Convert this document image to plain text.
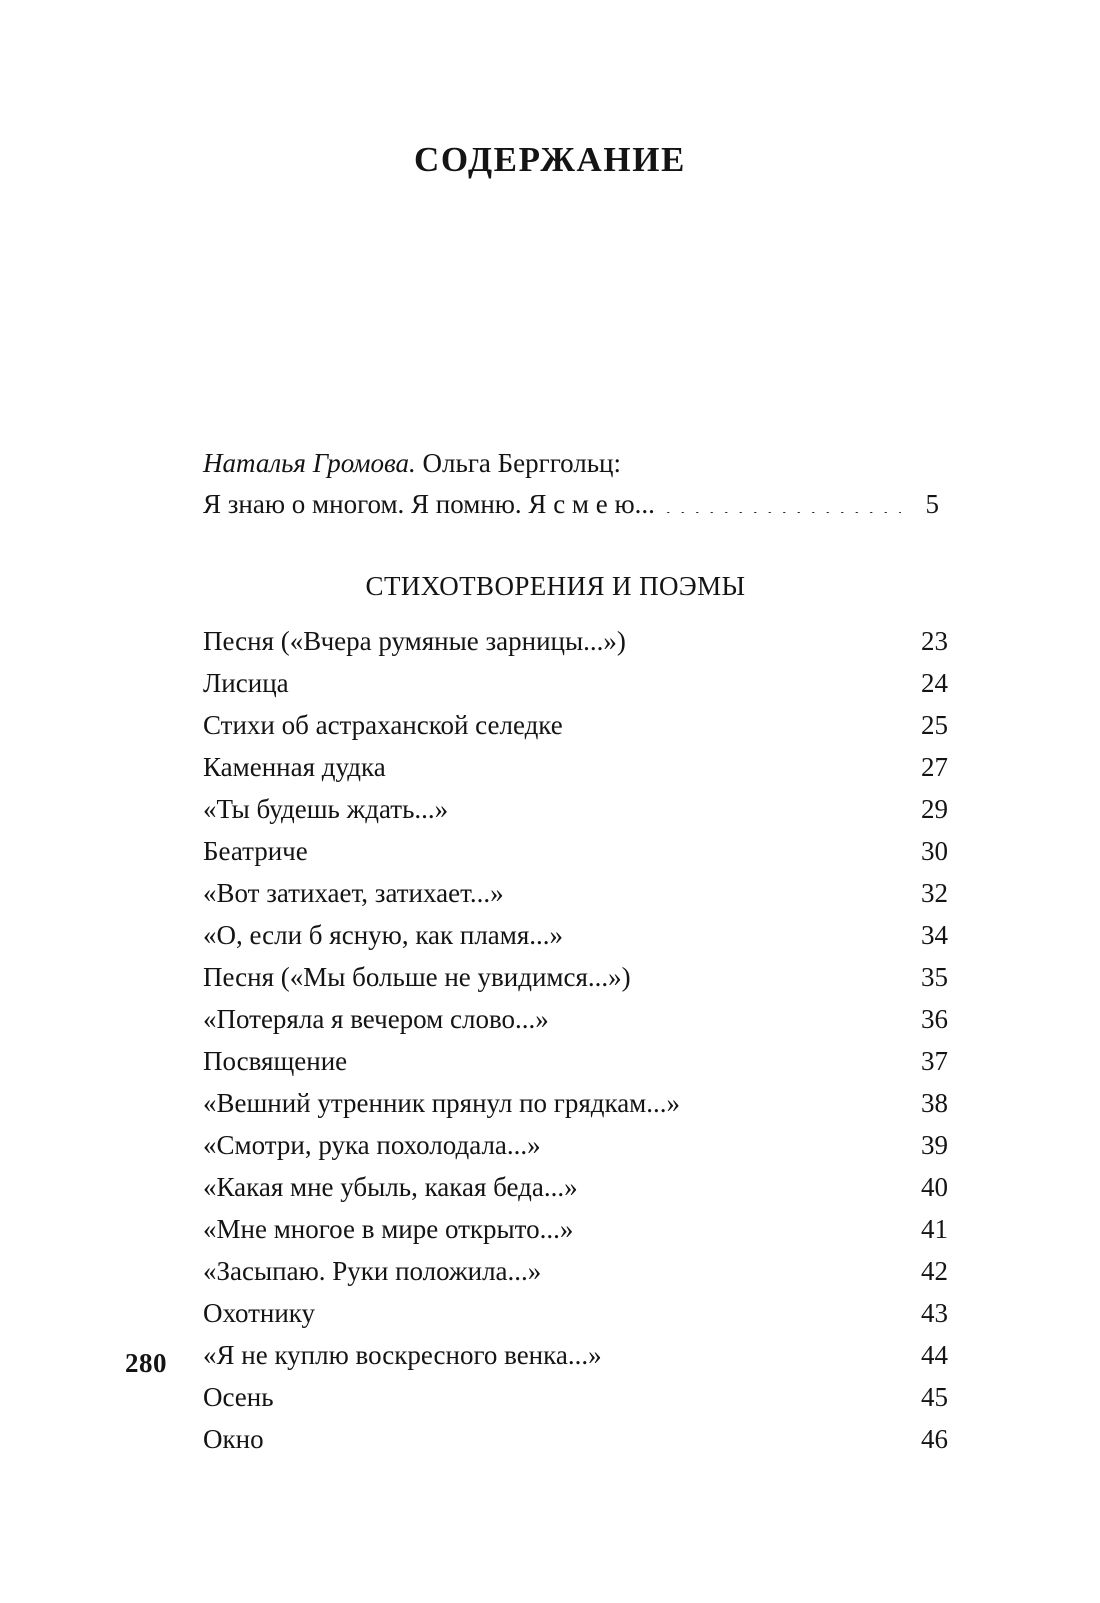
СОДЕРЖАНИЕ
Наталья Громова. Ольга Берггольц:
Я знаю о многом. Я помню. Я с м е ю... . . .	5
СТИХОТВОРЕНИЯ И ПОЭМЫ
Песня («Вчера румяные зарницы...») . . .	23
Лисица . . .	24
Стихи об астраханской селедке . . .	25
Каменная дудка . . .	27
«Ты будешь ждать...» . . .	29
Беатриче . . .	30
«Вот затихает, затихает...» . . .	32
«О, если б ясную, как пламя...» . . .	34
Песня («Мы больше не увидимся...») . . .	35
«Потеряла я вечером слово...» . . .	36
Посвящение . . .	37
«Вешний утренник прянул по грядкам...» . . .	38
«Смотри, рука похолодала...» . . .	39
«Какая мне убыль, какая беда...» . . .	40
«Мне многое в мире открыто...» . . .	41
«Засыпаю. Руки положила...» . . .	42
Охотнику . . .	43
«Я не куплю воскресного венка...» . . .	44
Осень . . .	45
Окно . . .	46
280
